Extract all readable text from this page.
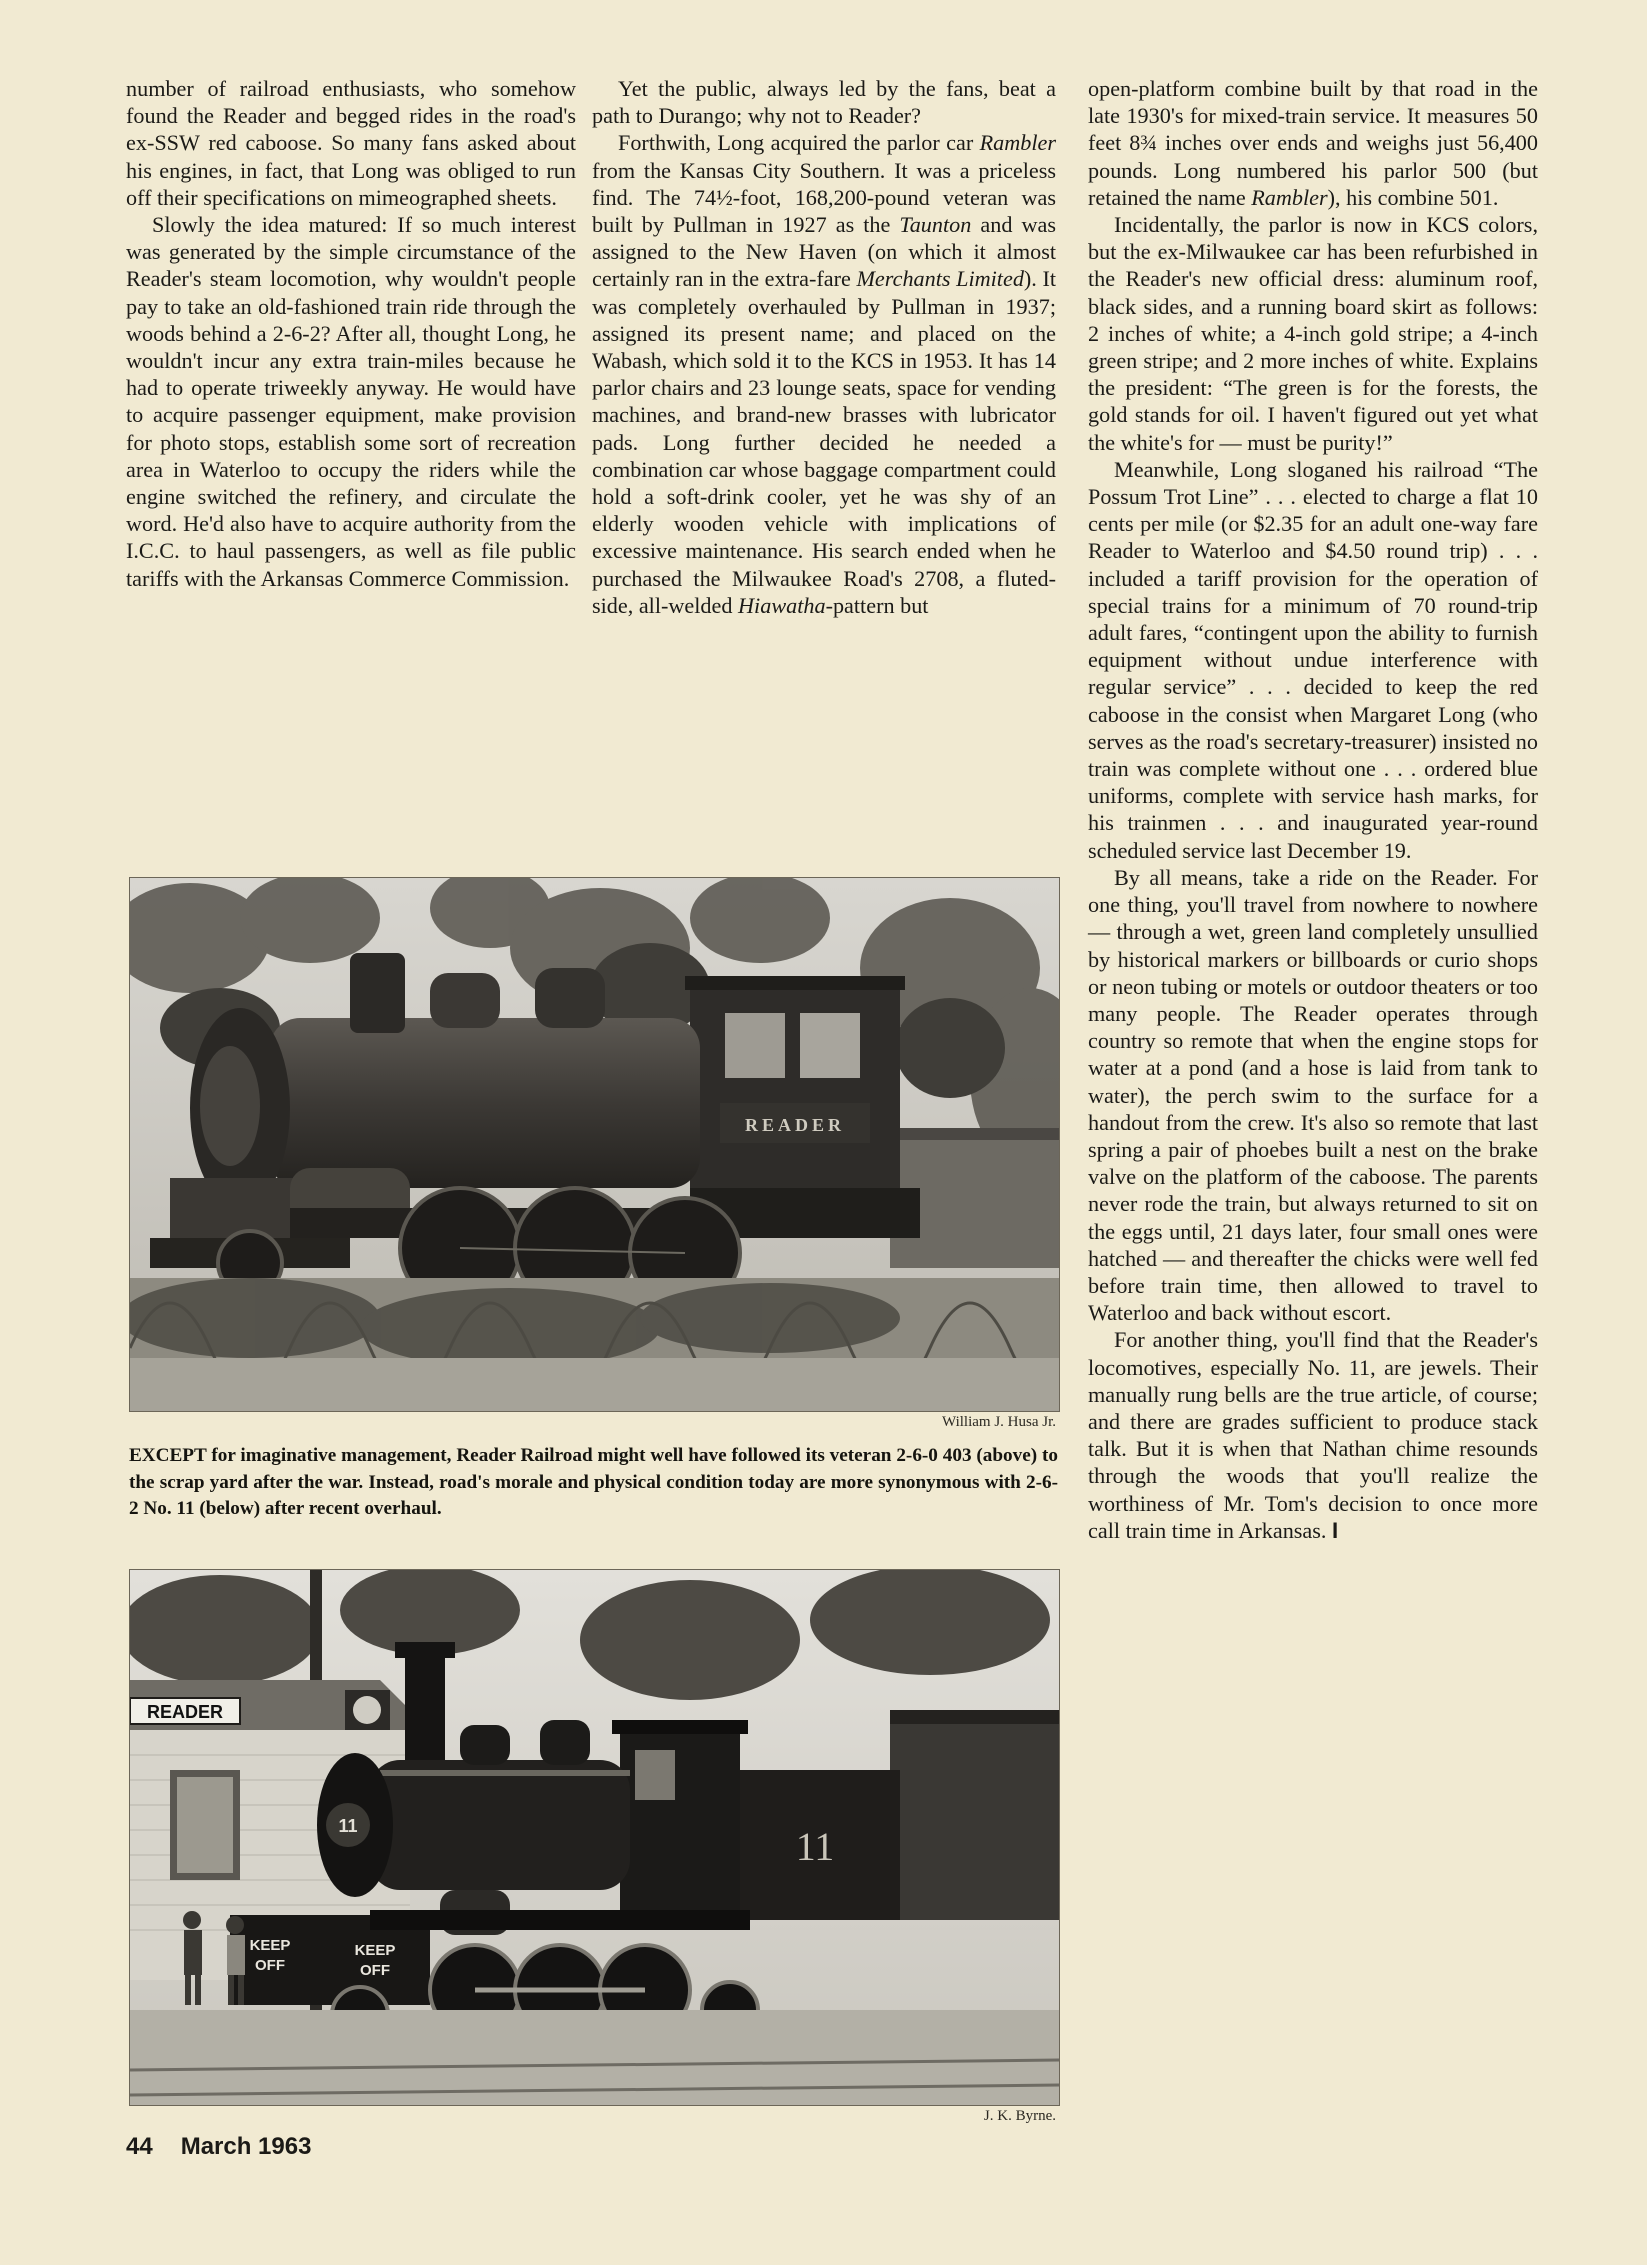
number of railroad enthusiasts, who somehow found the Reader and begged rides in the road's ex-SSW red caboose. So many fans asked about his engines, in fact, that Long was obliged to run off their specifications on mimeographed sheets.

Slowly the idea matured: If so much interest was generated by the simple circumstance of the Reader's steam locomotion, why wouldn't people pay to take an old-fashioned train ride through the woods behind a 2-6-2? After all, thought Long, he wouldn't incur any extra train-miles because he had to operate triweekly anyway. He would have to acquire passenger equipment, make provision for photo stops, establish some sort of recreation area in Waterloo to occupy the riders while the engine switched the refinery, and circulate the word. He'd also have to acquire authority from the I.C.C. to haul passengers, as well as file public tariffs with the Arkansas Commerce Commission.

Yet the public, always led by the fans, beat a path to Durango; why not to Reader?

Forthwith, Long acquired the parlor car Rambler from the Kansas City Southern. It was a priceless find. The 74½-foot, 168,200-pound veteran was built by Pullman in 1927 as the Taunton and was assigned to the New Haven (on which it almost certainly ran in the extra-fare Merchants Limited). It was completely overhauled by Pullman in 1937; assigned its present name; and placed on the Wabash, which sold it to the KCS in 1953. It has 14 parlor chairs and 23 lounge seats, space for vending machines, and brand-new brasses with lubricator pads. Long further decided he needed a combination car whose baggage compartment could hold a soft-drink cooler, yet he was shy of an elderly wooden vehicle with implications of excessive maintenance. His search ended when he purchased the Milwaukee Road's 2708, a fluted-side, all-welded Hiawatha-pattern but

open-platform combine built by that road in the late 1930's for mixed-train service. It measures 50 feet 8¾ inches over ends and weighs just 56,400 pounds. Long numbered his parlor 500 (but retained the name Rambler), his combine 501.

Incidentally, the parlor is now in KCS colors, but the ex-Milwaukee car has been refurbished in the Reader's new official dress: aluminum roof, black sides, and a running board skirt as follows: 2 inches of white; a 4-inch gold stripe; a 4-inch green stripe; and 2 more inches of white. Explains the president: “The green is for the forests, the gold stands for oil. I haven't figured out yet what the white's for — must be purity!”

Meanwhile, Long sloganed his railroad “The Possum Trot Line” . . . elected to charge a flat 10 cents per mile (or $2.35 for an adult one-way fare Reader to Waterloo and $4.50 round trip) . . . included a tariff provision for the operation of special trains for a minimum of 70 round-trip adult fares, “contingent upon the ability to furnish equipment without undue interference with regular service” . . . decided to keep the red caboose in the consist when Margaret Long (who serves as the road's secretary-treasurer) insisted no train was complete without one . . . ordered blue uniforms, complete with service hash marks, for his trainmen . . . and inaugurated year-round scheduled service last December 19.

By all means, take a ride on the Reader. For one thing, you'll travel from nowhere to nowhere — through a wet, green land completely unsullied by historical markers or billboards or curio shops or neon tubing or motels or outdoor theaters or too many people. The Reader operates through country so remote that when the engine stops for water at a pond (and a hose is laid from tank to water), the perch swim to the surface for a handout from the crew. It's also so remote that last spring a pair of phoebes built a nest on the brake valve on the platform of the caboose. The parents never rode the train, but always returned to sit on the eggs until, 21 days later, four small ones were hatched — and thereafter the chicks were well fed before train time, then allowed to travel to Waterloo and back without escort.

For another thing, you'll find that the Reader's locomotives, especially No. 11, are jewels. Their manually rung bells are the true article, of course; and there are grades sufficient to produce stack talk. But it is when that Nathan chime resounds through the woods that you'll realize the worthiness of Mr. Tom's decision to once more call train time in Arkansas. I

READER
William J. Husa Jr.
EXCEPT for imaginative management, Reader Railroad might well have followed its veteran 2-6-0 403 (above) to the scrap yard after the war. Instead, road's morale and physical condition today are more synonymous with 2-6-2 No. 11 (below) after recent overhaul.
READER
11
11
KEEP
OFF
KEEP
OFF
J. K. Byrne.
44 March 1963
